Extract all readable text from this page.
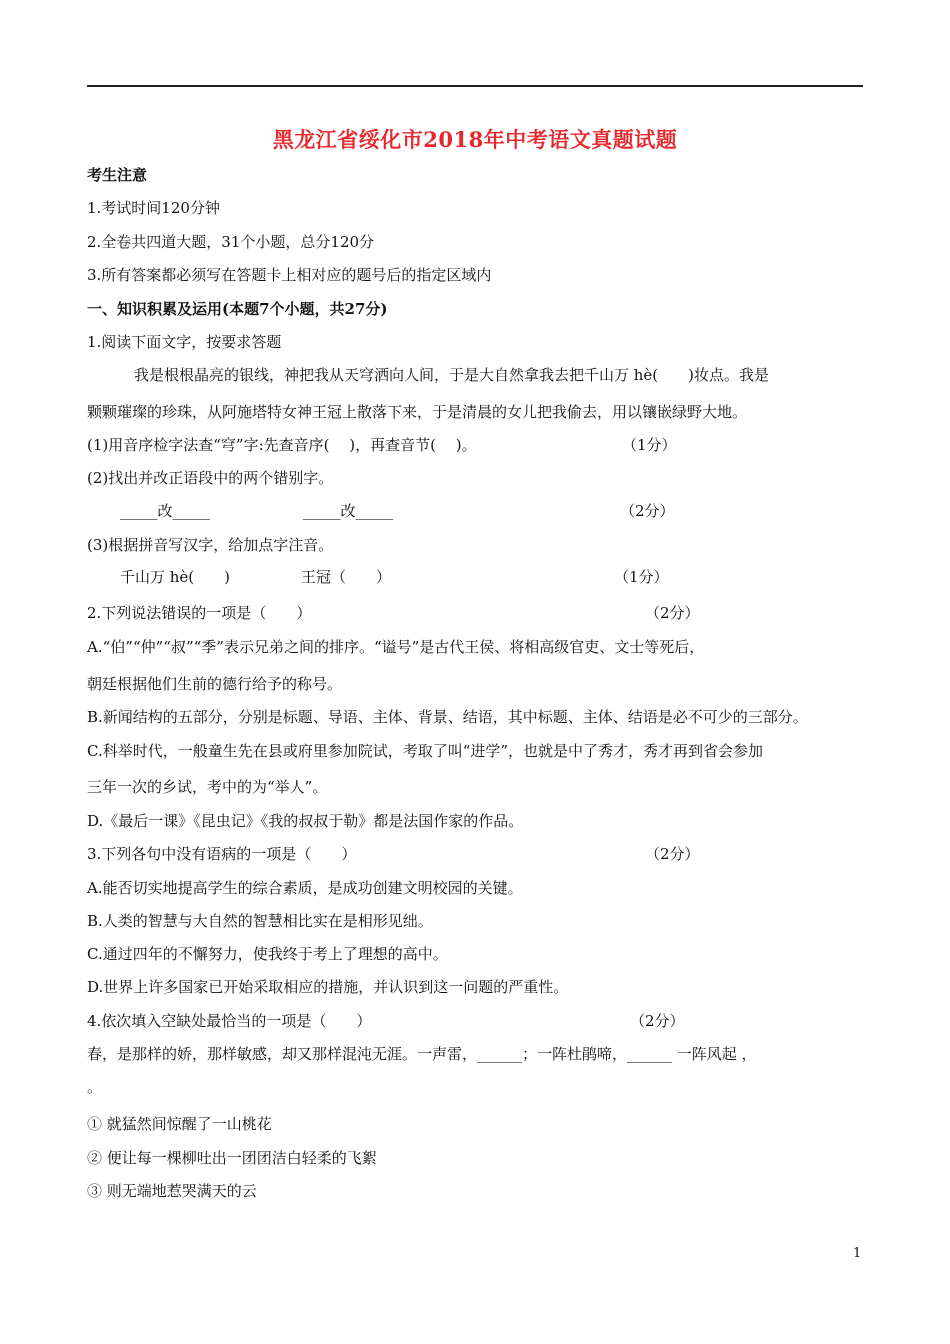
黑龙江省绥化市2018年中考语文真题试题
考生注意
1.考试时间120分钟
2.全卷共四道大题，31个小题，总分120分
3.所有答案都必须写在答题卡上相对应的题号后的指定区域内
一、知识积累及运用(本题7个小题，共27分)
1.阅读下面文字，按要求答题
我是根根晶亮的银线，神把我从天穹洒向人间，于是大自然拿我去把千山万 hè(　　)妆点。我是
颗颗璀璨的珍珠，从阿施塔特女神王冠上散落下来，于是清晨的女儿把我偷去，用以镶嵌绿野大地。
(1)用音序检字法查“穹”字:先查音序(　 )，再查音节(　 )。	（1分）
(2)找出并改正语段中的两个错别字。
_____改_____	_____改_____	（2分）
(3)根据拼音写汉字，给加点字注音。
千山万 hè(　　)	王冠（　　）	（1分）
2.下列说法错误的一项是（　　）	（2分）
A.“伯”“仲”“叔”“季”表示兄弟之间的排序。“谥号”是古代王侯、将相高级官吏、文士等死后，
朝廷根据他们生前的德行给予的称号。
B.新闻结构的五部分，分别是标题、导语、主体、背景、结语，其中标题、主体、结语是必不可少的三部分。
C.科举时代，一般童生先在县或府里参加院试，考取了叫“进学”，也就是中了秀才，秀才再到省会参加
三年一次的乡试，考中的为“举人”。
D.《最后一课》《昆虫记》《我的叔叔于勒》都是法国作家的作品。
3.下列各句中没有语病的一项是（　　）	（2分）
A.能否切实地提高学生的综合素质，是成功创建文明校园的关键。
B.人类的智慧与大自然的智慧相比实在是相形见绌。
C.通过四年的不懈努力，使我终于考上了理想的高中。
D.世界上许多国家已开始采取相应的措施，并认识到这一问题的严重性。
4.依次填入空缺处最恰当的一项是（　　）	（2分）
春，是那样的娇，那样敏感，却又那样混沌无涯。一声雷，______；一阵杜鹃啼，______ 一阵风起 ，
。
① 就猛然间惊醒了一山桃花
② 便让每一棵柳吐出一团团洁白轻柔的飞絮
③ 则无端地惹哭满天的云
1
